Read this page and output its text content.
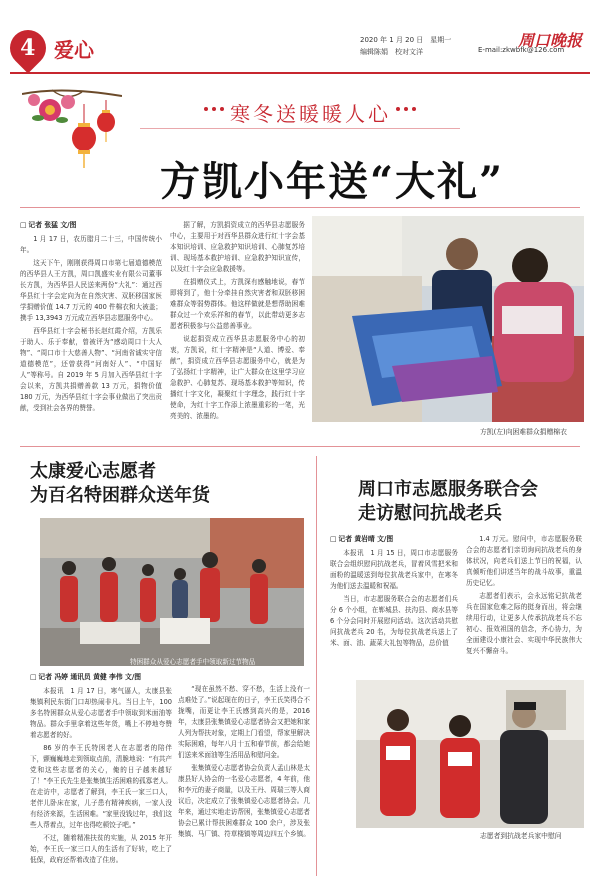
4 爱心	2020 年 1 月 20 日　星期一
编辑陈娟　校对文洋	E-mail:zkwbfk@126.com
周口晚报
寒冬送暖暖人心
方凯小年送“大礼”
□ 记者 张猛 文/图

1 月 17 日，农历腊月二十三，中国传统小年。

这天下午，刚刚获得周口市第七届道德模范的西华县人王方凯，周口凯盛实业有限公司董事长方凯，为西华县人民送来两份“大礼”：通过西华县红十字会定向为在自然灾害、双胚移国家医学捐赠价值 14.7 万元的 400 件棉衣和大被盖；携手 13,3943 万元成立西华县志愿服务中心。

西华县红十字会秘书长赵红霞介绍，方凯乐于助人、乐于奉献，曾被评为“感动周口十大人物”、“周口市十大慈善人物”、“河南省诚实守信道德模范”，还曾获得“河南好人”、“中国好人”等称号。自 2019 年 5 月加入西华县红十字会以来，方凯共捐赠善款 13 万元，捐物价值 180 万元，为西华县红十字会事业做出了突出贡献，受到社会各界的赞誉。

据了解，方凯捐资成立的西华县志愿服务中心，主要用于对西华县群众进行红十字会基本知识培训、应急救护知识培训、心肺复苏培训、现场基本救护培训、应急救护知识宣传，以及红十字会应急救援等。

在捐赠仪式上，方凯深有感触地说，春节即将到了，他十分牵挂自然灾害者和双胚移困难群众等弱势群体。他这样做就是想帮助困难群众过一个欢乐祥和的春节，以此带动更多志愿者积极参与公益慈善事业。

说起捐资成立西华县志愿服务中心的初衷，方凯说，红十字精神是“人道、博爱、奉献”，捐资成立西华县志愿服务中心，就是为了弘扬红十字精神，让广大群众在这里学习应急救护、心肺复苏、现场基本救护等知识，传播红十字文化，凝聚红十字理念，践行红十字使命，为红十字工作添上浓墨重彩的一笔，光亮美的、浓墨的。

方凯(左)向困难群众捐赠棉衣
太康爱心志愿者
为百名特困群众送年货
特困群众从爱心志愿者手中领取新过节物品
□ 记者 冯婷 通讯员 黄健 李伟 文/图

本报讯　1 月 17 日，寒气逼人，太康县张集镇利民东街门口却热闹非凡。当日上午，100 多名特困群众从爱心志愿者手中领取到米面油等物品。群众手里拿着这些年货，嘴上不停地夸赞着志愿者的好。

86 岁的李王氏特困老人在志愿者的陪伴下，颤巍巍地走到领取点前，清脆地说：“有共产党和这些志愿者的关心，俺的日子越来越好了！”李王氏先生是张集镇生活困难的孤寡老人。在走访中，志愿者了解到，李王氏一家三口人，老伴儿卧床在家，儿子患有精神疾病，一家人没有经济来源，生活困难。“家里没钱过年，我们这些人帮着点，过年也得吃顿饺子吧。”

不过，随着精准扶贫的实施，从 2015 年开始，李王氏一家三口人的生活有了好转，吃上了低保，政府还帮着改造了住房。

“现在虽然不愁、穿不愁，生活上没有一点难处了。”说起现在的日子，李王氏笑得合不拢嘴，而更让李王氏感到高兴的是，2016 年，太康县张集镇爱心志愿者协会又把她和家人列为帮扶对象，定期上门看望，帮家里解决实际困难，每年八月十五和春节前，都会给她们送来米面油等生活用品和慰问金。

张集镇爱心志愿者协会负责人孟山林是太康县好人协会的一名爱心志愿者，4 年前，他和李元的妻子商量，以及王丹、周瑞三等人商议后，决定成立了张集镇爱心志愿者协会。几年来，通过实地走访帮困，张集镇爱心志愿者协会已累计帮扶困难群众 100 余户，涉及张集镇、马厂镇、符草楼镇等周边四五个乡镇。

周口市志愿服务联合会
走访慰问抗战老兵
□ 记者 黄岩晴 文/图

本报讯　1 月 15 日，周口市志愿服务联合会组织慰问抗战老兵，冒着风雪把米和面粉的温暖送到每位抗战老兵家中，在寒冬为他们送去温暖和祝福。

当日，市志愿服务联合会的志愿者们兵分 6 个小组，在郸城县、扶沟县、商水县等 6 个分会同时开展慰问活动。这次活动共慰问抗战老兵 20 名，为每位抗战老兵送上了米、面、油、蔬菜大礼包等物品，总价值

1.4 万元。慰问中，市志愿服务联合会的志愿者们亲切询问抗战老兵的身体状况，向老兵们送上节日的祝福，认真倾听他们讲述当年的战斗故事，重温历史记忆。

志愿者们表示，会永远铭记抗战老兵在国家危难之际的挺身而出，将会继续用行动，让更多人传承抗战老兵不忘初心、报效祖国的信念，齐心协力，为全面建设小康社会、实现中华民族伟大复兴不懈奋斗。

志愿者到抗战老兵家中慰问
